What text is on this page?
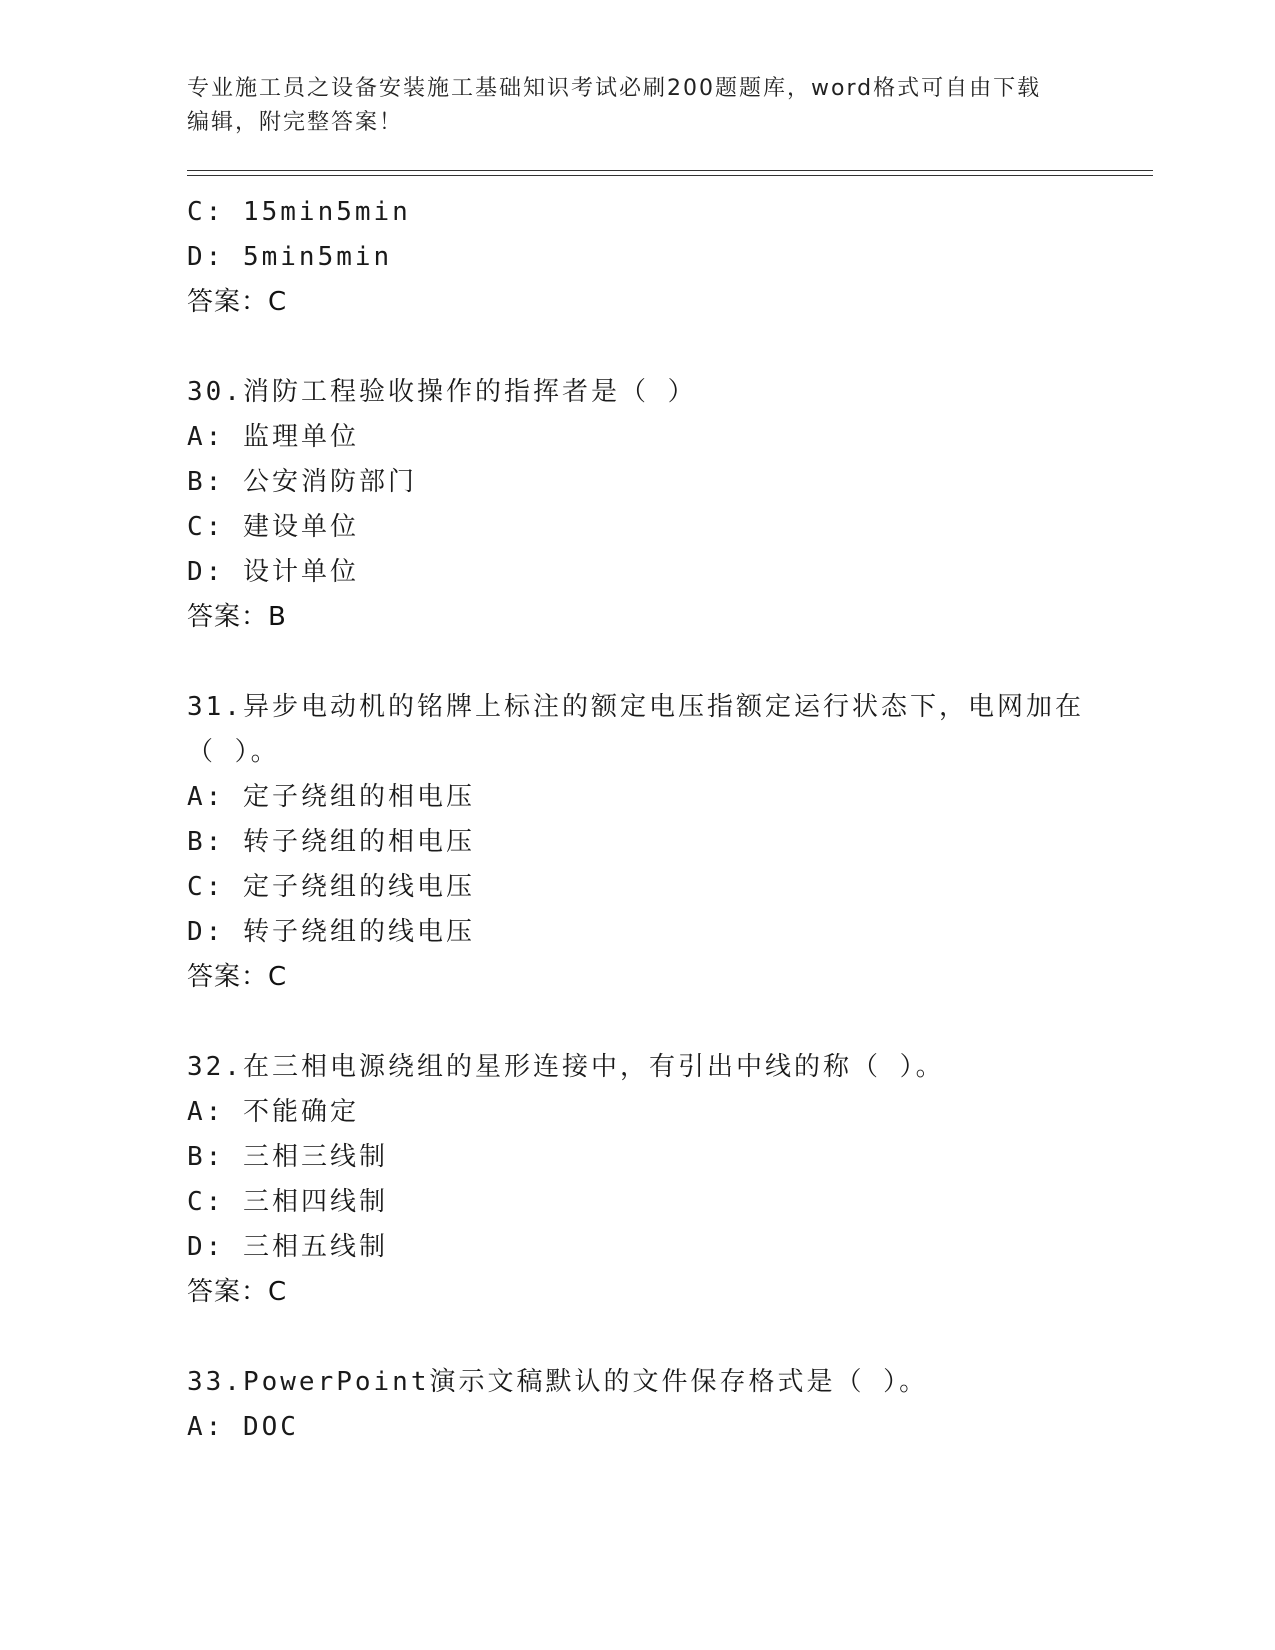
专业施工员之设备安装施工基础知识考试必刷200题题库，word格式可自由下载
编辑，附完整答案！
C: 15min5min
D: 5min5min
答案：C
30.消防工程验收操作的指挥者是（ ）
A: 监理单位
B: 公安消防部门
C: 建设单位
D: 设计单位
答案：B
31.异步电动机的铭牌上标注的额定电压指额定运行状态下，电网加在
（ ）。
A: 定子绕组的相电压
B: 转子绕组的相电压
C: 定子绕组的线电压
D: 转子绕组的线电压
答案：C
32.在三相电源绕组的星形连接中，有引出中线的称（ ）。
A: 不能确定
B: 三相三线制
C: 三相四线制
D: 三相五线制
答案：C
33.PowerPoint演示文稿默认的文件保存格式是（ ）。
A: DOC
